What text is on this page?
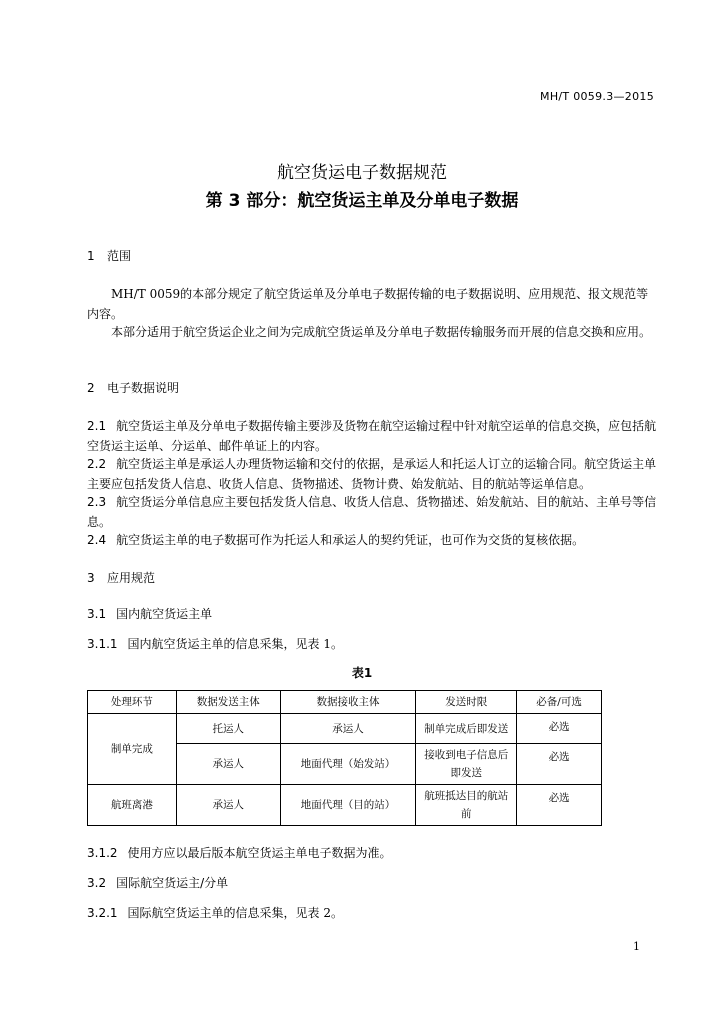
MH/T 0059.3—2015
航空货运电子数据规范
第 3 部分：航空货运主单及分单电子数据
1 范围
MH/T 0059的本部分规定了航空货运单及分单电子数据传输的电子数据说明、应用规范、报文规范等内容。
本部分适用于航空货运企业之间为完成航空货运单及分单电子数据传输服务而开展的信息交换和应用。
2 电子数据说明
2.1 航空货运主单及分单电子数据传输主要涉及货物在航空运输过程中针对航空运单的信息交换，应包括航空货运主运单、分运单、邮件单证上的内容。
2.2 航空货运主单是承运人办理货物运输和交付的依据，是承运人和托运人订立的运输合同。航空货运主单主要应包括发货人信息、收货人信息、货物描述、货物计费、始发航站、目的航站等运单信息。
2.3 航空货运分单信息应主要包括发货人信息、收货人信息、货物描述、始发航站、目的航站、主单号等信息。
2.4 航空货运主单的电子数据可作为托运人和承运人的契约凭证，也可作为交货的复核依据。
3 应用规范
3.1 国内航空货运主单
3.1.1 国内航空货运主单的信息采集，见表 1。
表1
处理环节	数据发送主体	数据接收主体	发送时限	必备/可选
制单完成	托运人	承运人	制单完成后即发送	必选
	承运人	地面代理（始发站）	接收到电子信息后即发送	必选
航班离港	承运人	地面代理（目的站）	航班抵达目的航站前	必选
3.1.2 使用方应以最后版本航空货运主单电子数据为准。
3.2 国际航空货运主/分单
3.2.1 国际航空货运主单的信息采集，见表 2。
1
